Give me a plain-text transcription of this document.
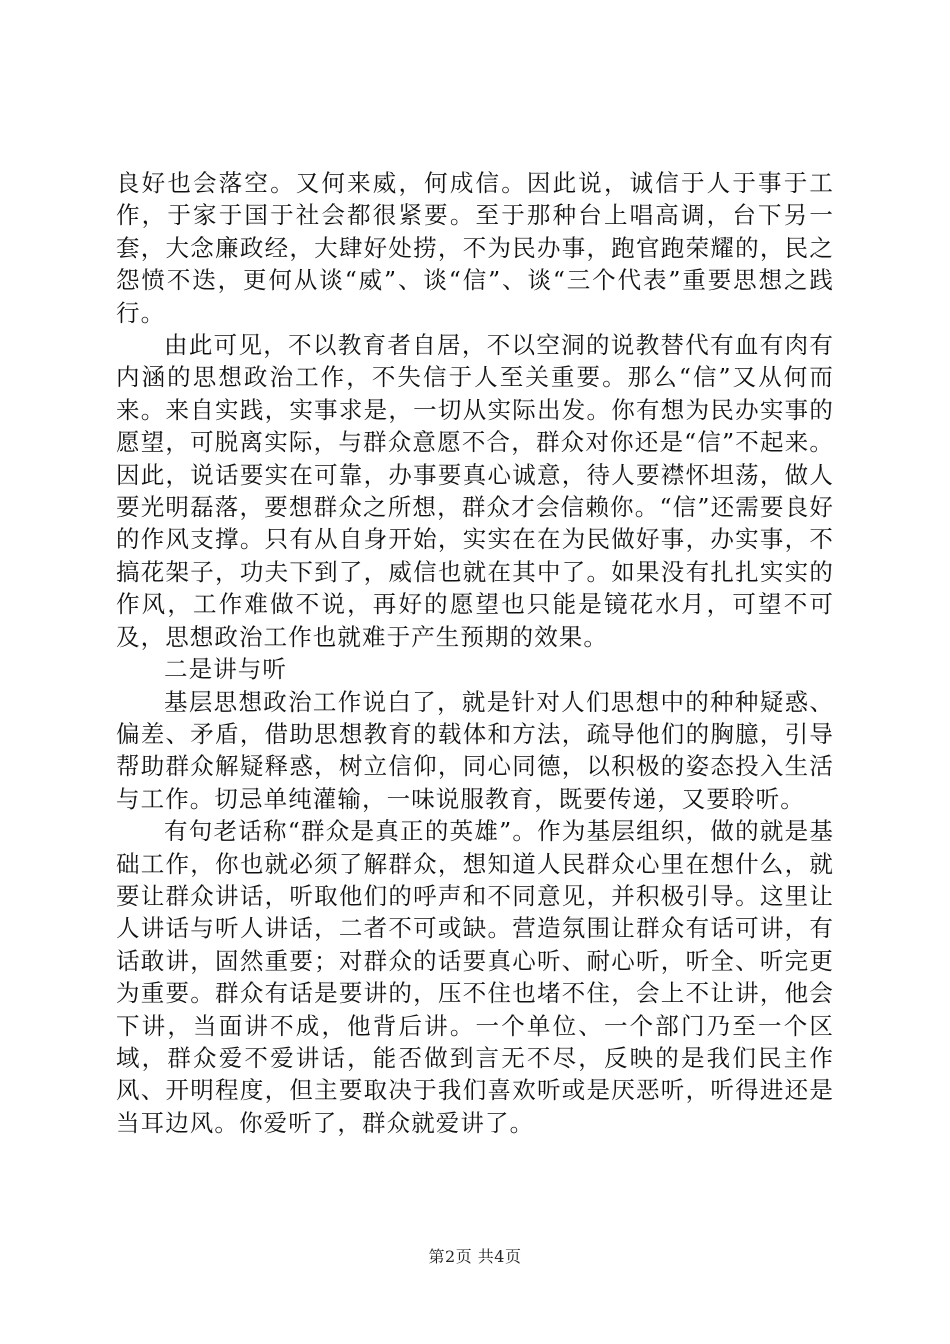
良好也会落空。又何来威，何成信。因此说，诚信于人于事于工作，于家于国于社会都很紧要。至于那种台上唱高调，台下另一套，大念廉政经，大肆好处捞，不为民办事，跑官跑荣耀的，民之怨愤不迭，更何从谈“威”、谈“信”、谈“三个代表”重要思想之践行。

由此可见，不以教育者自居，不以空洞的说教替代有血有肉有内涵的思想政治工作，不失信于人至关重要。那么“信”又从何而来。来自实践，实事求是，一切从实际出发。你有想为民办实事的愿望，可脱离实际，与群众意愿不合，群众对你还是“信”不起来。因此，说话要实在可靠，办事要真心诚意，待人要襟怀坦荡，做人要光明磊落，要想群众之所想，群众才会信赖你。“信”还需要良好的作风支撑。只有从自身开始，实实在在为民做好事，办实事，不搞花架子，功夫下到了，威信也就在其中了。如果没有扎扎实实的作风，工作难做不说，再好的愿望也只能是镜花水月，可望不可及，思想政治工作也就难于产生预期的效果。

二是讲与听

基层思想政治工作说白了，就是针对人们思想中的种种疑惑、偏差、矛盾，借助思想教育的载体和方法，疏导他们的胸臆，引导帮助群众解疑释惑，树立信仰，同心同德，以积极的姿态投入生活与工作。切忌单纯灌输，一味说服教育，既要传递，又要聆听。

有句老话称“群众是真正的英雄”。作为基层组织，做的就是基础工作，你也就必须了解群众，想知道人民群众心里在想什么，就要让群众讲话，听取他们的呼声和不同意见，并积极引导。这里让人讲话与听人讲话，二者不可或缺。营造氛围让群众有话可讲，有话敢讲，固然重要；对群众的话要真心听、耐心听，听全、听完更为重要。群众有话是要讲的，压不住也堵不住，会上不让讲，他会下讲，当面讲不成，他背后讲。一个单位、一个部门乃至一个区域，群众爱不爱讲话，能否做到言无不尽，反映的是我们民主作风、开明程度，但主要取决于我们喜欢听或是厌恶听，听得进还是当耳边风。你爱听了，群众就爱讲了。

第2页 共4页
